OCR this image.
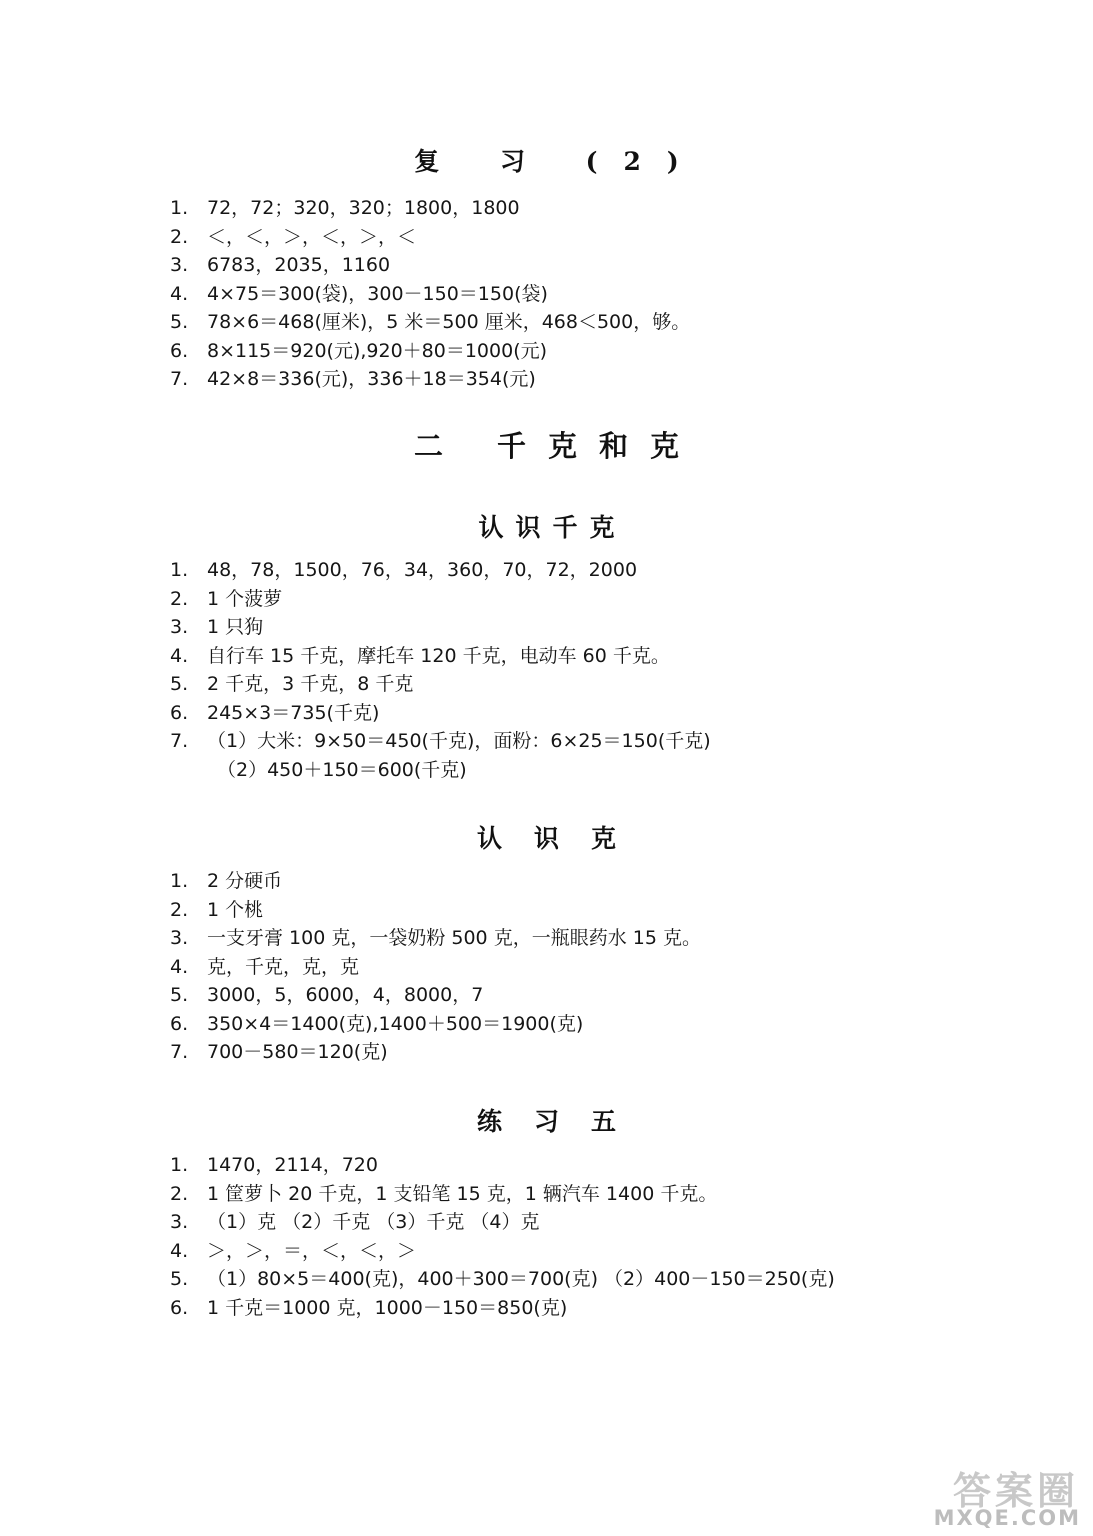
复 习 (2)
1. 72，72；320，320；1800，1800
2. ＜，＜，＞，＜，＞，＜
3. 6783，2035，1160
4. 4×75＝300(袋)，300－150＝150(袋)
5. 78×6＝468(厘米)，5 米＝500 厘米，468＜500，够。
6. 8×115＝920(元),920＋80＝1000(元)
7. 42×8＝336(元)，336＋18＝354(元)
二 千克和克
认识千克
1. 48，78，1500，76，34，360，70，72，2000
2. 1 个菠萝
3. 1 只狗
4. 自行车 15 千克，摩托车 120 千克，电动车 60 千克。
5. 2 千克，3 千克，8 千克
6. 245×3＝735(千克)
7. （1）大米：9×50＝450(千克)，面粉：6×25＝150(千克)
（2）450＋150＝600(千克)
认识克
1. 2 分硬币
2. 1 个桃
3. 一支牙膏 100 克，一袋奶粉 500 克，一瓶眼药水 15 克。
4. 克，千克，克，克
5. 3000，5，6000，4，8000，7
6. 350×4＝1400(克),1400＋500＝1900(克)
7. 700－580＝120(克)
练习五
1. 1470，2114，720
2. 1 筐萝卜 20 千克，1 支铅笔 15 克，1 辆汽车 1400 千克。
3. （1）克 （2）千克 （3）千克 （4）克
4. ＞，＞，＝，＜，＜，＞
5. （1）80×5＝400(克)，400＋300＝700(克) （2）400－150＝250(克)
6. 1 千克＝1000 克，1000－150＝850(克)
答案圈
MXQE.COM
